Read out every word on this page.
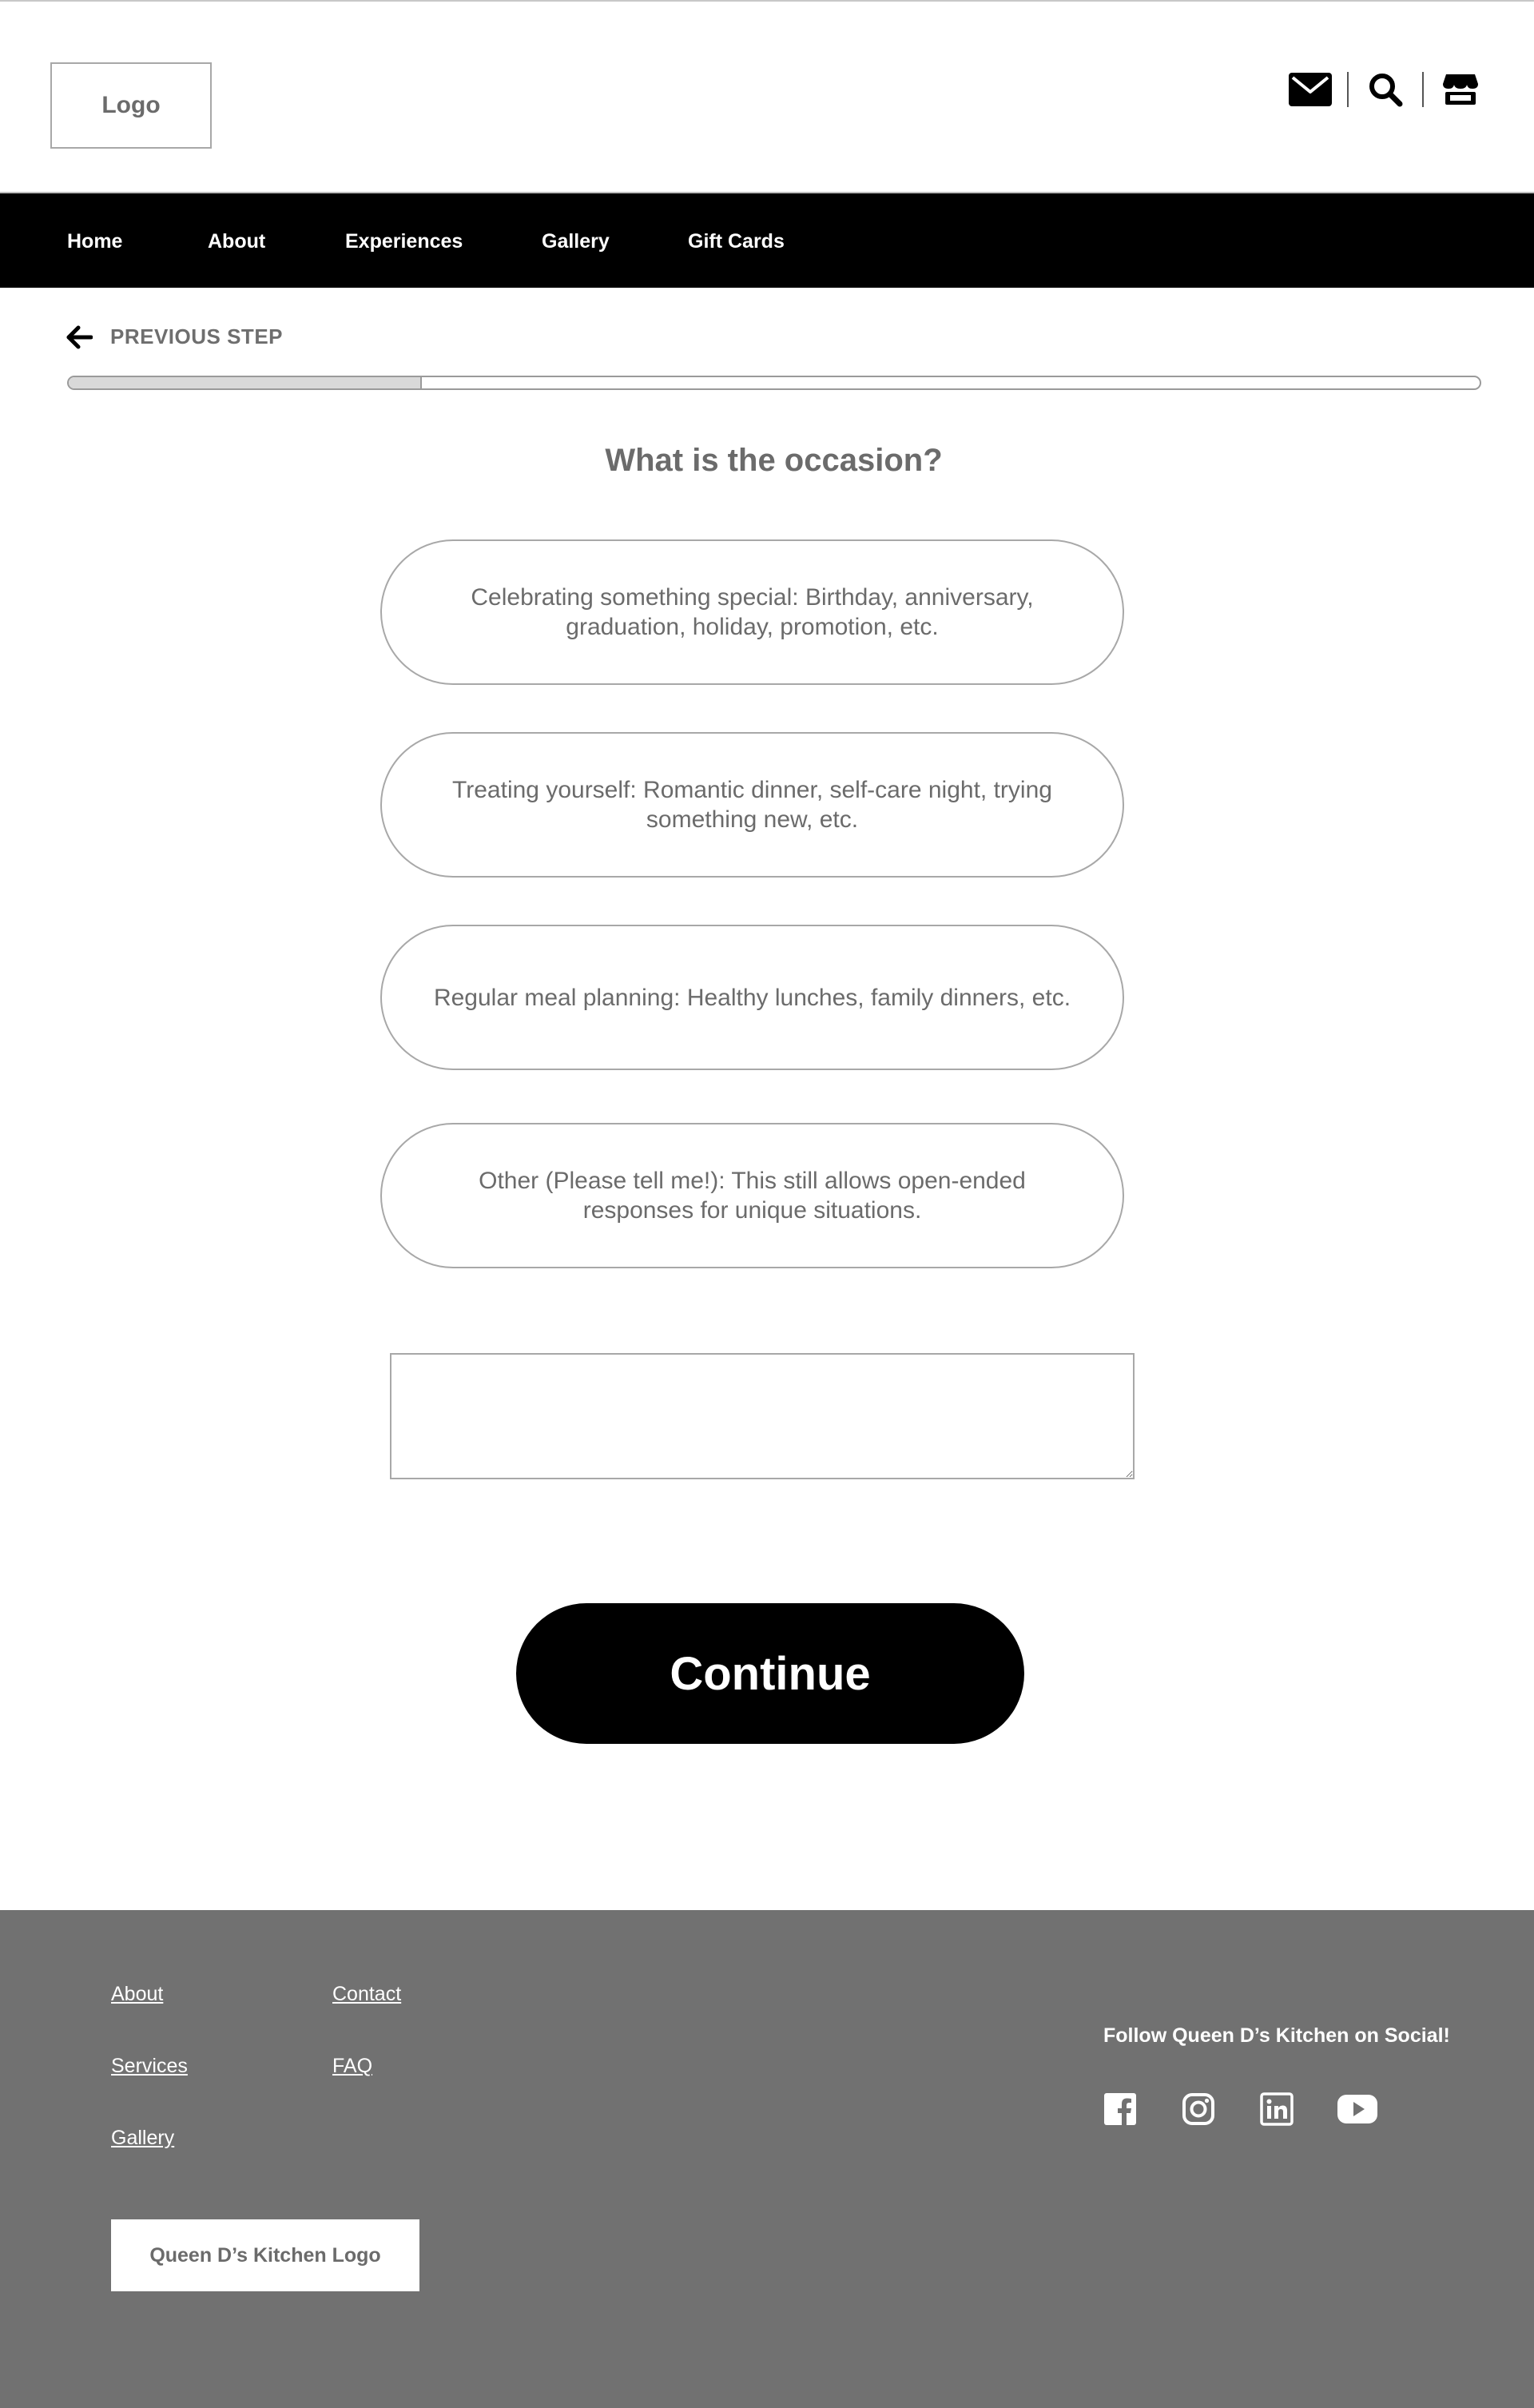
Logo
Home	About	Experiences	Gallery	Gift Cards
PREVIOUS STEP
What is the occasion?
Celebrating something special: Birthday, anniversary, graduation, holiday, promotion, etc.
Treating yourself: Romantic dinner, self-care night, trying something new, etc.
Regular meal planning: Healthy lunches, family dinners, etc.
Other (Please tell me!): This still allows open-ended responses for unique situations.
Continue
About
Services
Gallery
Contact
FAQ
Queen D’s Kitchen Logo
Follow Queen D’s Kitchen on Social!
